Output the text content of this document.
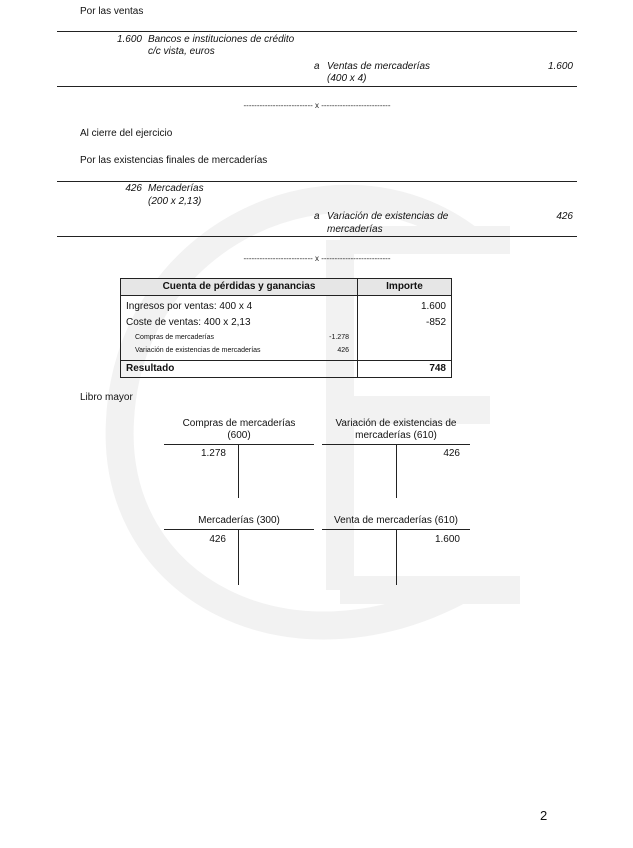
Por las ventas
1.600 Bancos e instituciones de crédito
c/c vista, euros
a Ventas de mercaderías
(400 x 4)
1.600
-------------------------- x --------------------------
Al cierre del ejercicio
Por las existencias finales de mercaderías
426 Mercaderías
(200 x 2,13)
a Variación de existencias de
mercaderías
426
-------------------------- x --------------------------
Cuenta de pérdidas y ganancias	Importe
Ingresos por ventas: 400 x 4	1.600
Coste de ventas: 400 x 2,13	-852
Compras de mercaderías	-1.278
Variación de existencias de mercaderías	426
Resultado	748
Libro mayor
Compras de mercaderías
(600)
1.278
Variación de existencias de
mercaderías (610)
426
Mercaderías (300)
426
Venta de mercaderías (610)
1.600
2
